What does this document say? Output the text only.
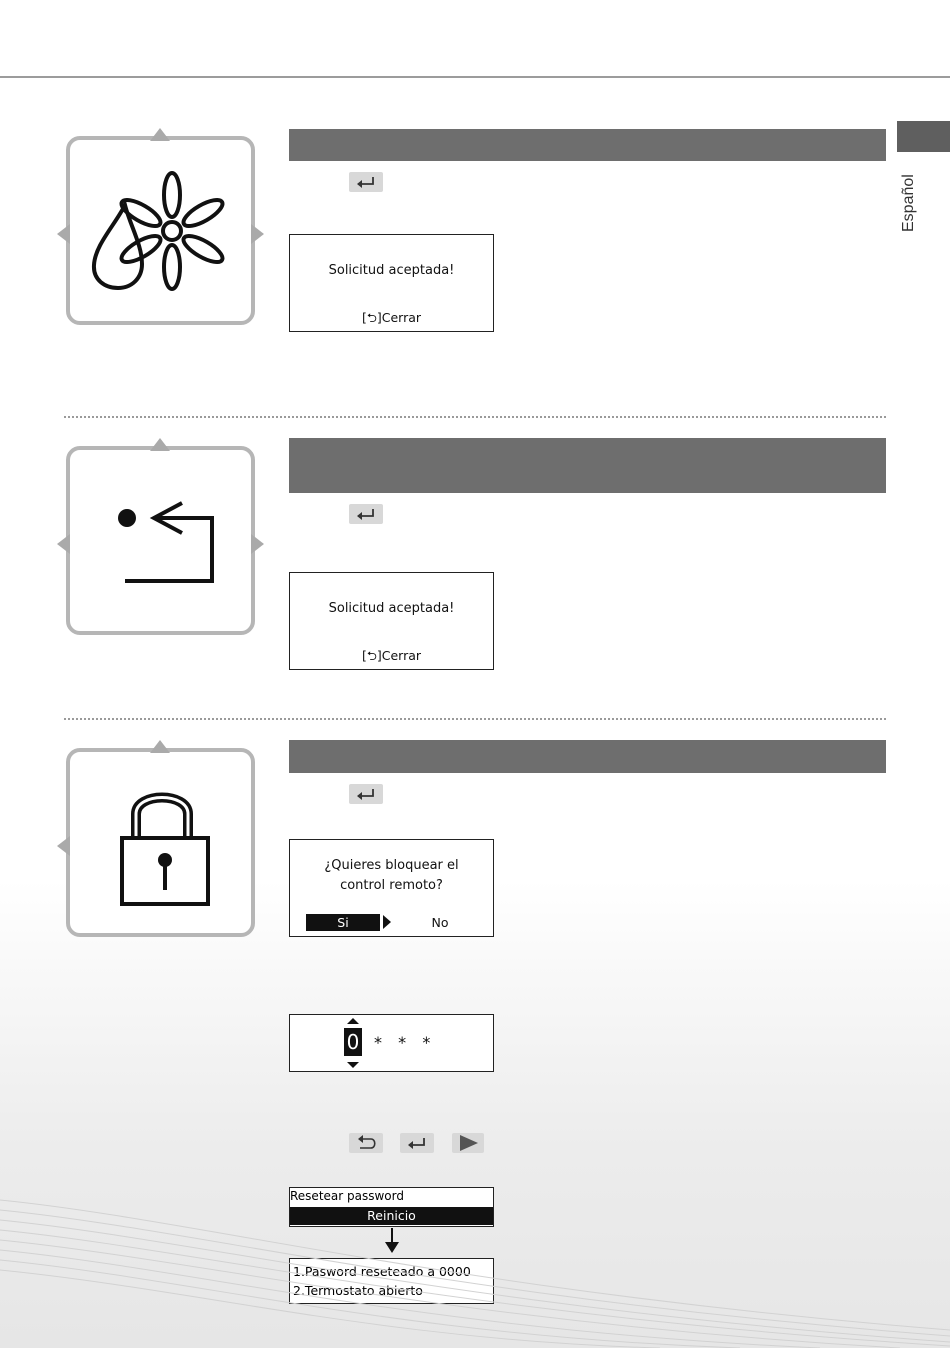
Español
Solicitud aceptada!
[⮌]Cerrar
Solicitud aceptada!
[⮌]Cerrar
¿Quieres bloquear el
control remoto?
Si	No
0 *  *  *
Resetear password
Reinicio
1.Pasword reseteado a 0000
2.Termostato abierto
